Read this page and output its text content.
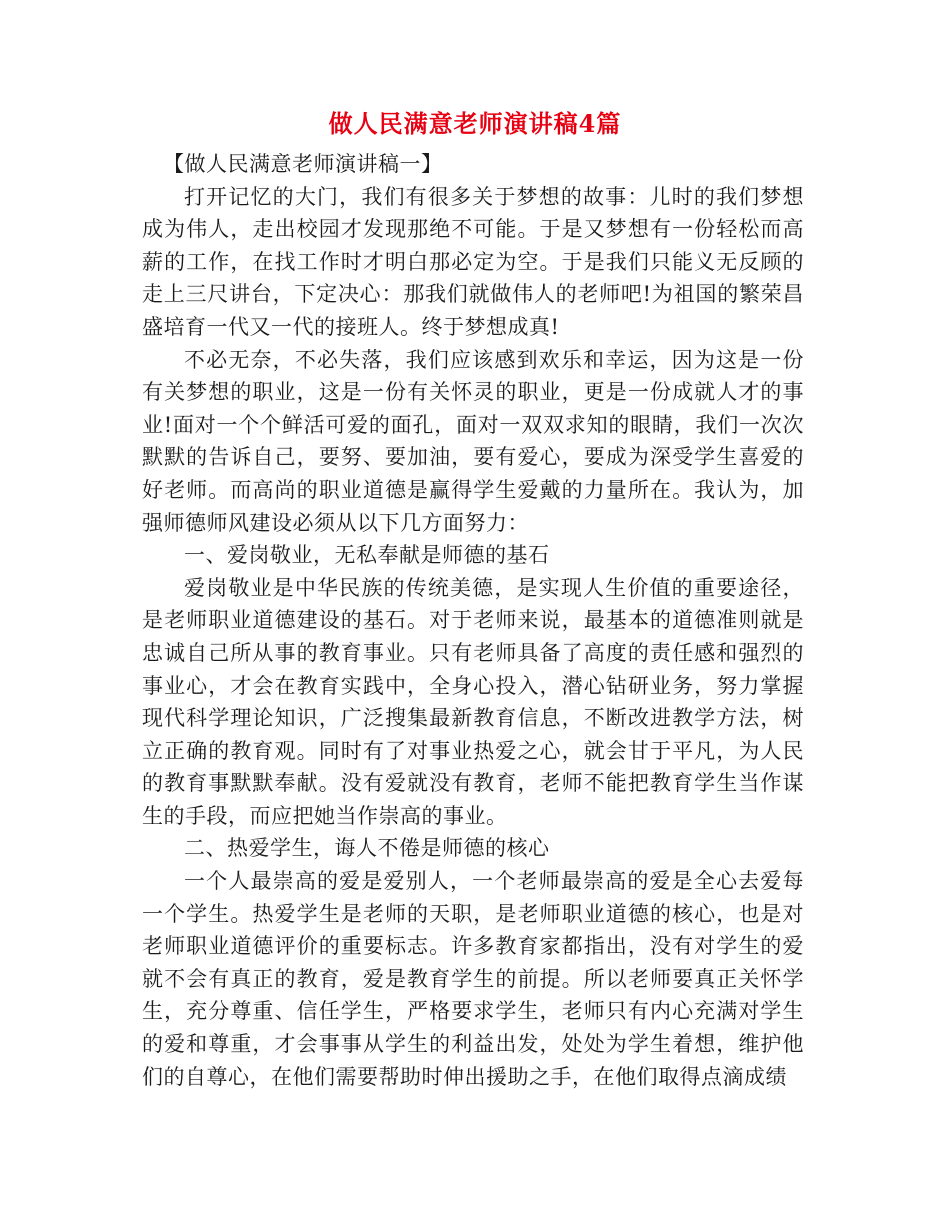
做人民满意老师演讲稿4篇

【做人民满意老师演讲稿一】

打开记忆的大门，我们有很多关于梦想的故事：儿时的我们梦想成为伟人，走出校园才发现那绝不可能。于是又梦想有一份轻松而高薪的工作，在找工作时才明白那必定为空。于是我们只能义无反顾的走上三尺讲台，下定决心：那我们就做伟人的老师吧!为祖国的繁荣昌盛培育一代又一代的接班人。终于梦想成真!

不必无奈，不必失落，我们应该感到欢乐和幸运，因为这是一份有关梦想的职业，这是一份有关怀灵的职业，更是一份成就人才的事业!面对一个个鲜活可爱的面孔，面对一双双求知的眼睛，我们一次次默默的告诉自己，要努、要加油，要有爱心，要成为深受学生喜爱的好老师。而高尚的职业道德是赢得学生爱戴的力量所在。我认为，加强师德师风建设必须从以下几方面努力：

一、爱岗敬业，无私奉献是师德的基石

爱岗敬业是中华民族的传统美德，是实现人生价值的重要途径，是老师职业道德建设的基石。对于老师来说，最基本的道德准则就是忠诚自己所从事的教育事业。只有老师具备了高度的责任感和强烈的事业心，才会在教育实践中，全身心投入，潜心钻研业务，努力掌握现代科学理论知识，广泛搜集最新教育信息，不断改进教学方法，树立正确的教育观。同时有了对事业热爱之心，就会甘于平凡，为人民的教育事默默奉献。没有爱就没有教育，老师不能把教育学生当作谋生的手段，而应把她当作崇高的事业。

二、热爱学生，诲人不倦是师德的核心

一个人最崇高的爱是爱别人，一个老师最崇高的爱是全心去爱每一个学生。热爱学生是老师的天职，是老师职业道德的核心，也是对老师职业道德评价的重要标志。许多教育家都指出，没有对学生的爱就不会有真正的教育，爱是教育学生的前提。所以老师要真正关怀学生，充分尊重、信任学生，严格要求学生，老师只有内心充满对学生的爱和尊重，才会事事从学生的利益出发，处处为学生着想，维护他们的自尊心，在他们需要帮助时伸出援助之手，在他们取得点滴成绩
